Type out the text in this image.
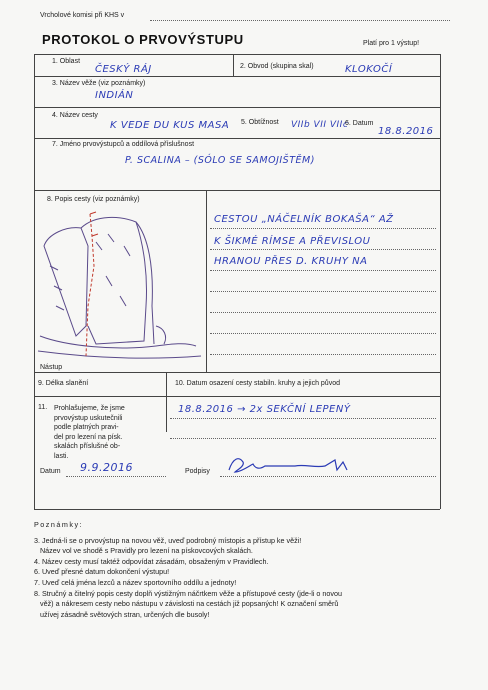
Vrcholové komisi při KHS v
PROTOKOL O PRVOVÝSTUPU	Platí pro 1 výstup!
1. Oblast
ČESKÝ RÁJ	2. Obvod (skupina skal)	KLOKOČÍ
3. Název věže (viz poznámky)
INDIÁN
4. Název cesty
K VEDE DU KUS MASA 5. Obtížnost VIIb VII VIIc
6. Datum
18.8.2016
7. Jméno prvovýstupců a oddílová příslušnost
P. SCALINA – (SÓLO SE SAMOJIŠTĚM)
8. Popis cesty (viz poznámky)
Nástup
CESTOU „NÁČELNÍK BOKAŠA“ AŽ
K ŠIKMÉ RÍMSE A PŘEVISLOU
HRANOU PŘES D. KRUHY NA
9. Délka slanění	10. Datum osazení cesty stabiln. kruhy a jejich původ
11. Prohlašujeme, že jsme
prvovýstup uskutečnili
podle platných pravi-
del pro lezení na písk.
skalách příslušné ob-
lasti.
18.8.2016 → 2x SEKČNÍ LEPENÝ
Datum 9.9.2016	Podpisy
Poznámky:
3. Jedná-li se o prvovýstup na novou věž, uveď podrobný místopis a přístup ke věži!
Název vol ve shodě s Pravidly pro lezení na pískovcových skalách.
4. Název cesty musí taktéž odpovídat zásadám, obsaženým v Pravidlech.
6. Uveď přesné datum dokončení výstupu!
7. Uveď celá jména lezců a název sportovního oddílu a jednoty!
8. Stručný a čitelný popis cesty doplň výstižným náčrtkem věže a přístupové cesty (jde-li o novou
věž) a nákresem cesty nebo nástupu v závislosti na cestách již popsaných! K označení směrů
užívej zásadně světových stran, určených dle busoly!
